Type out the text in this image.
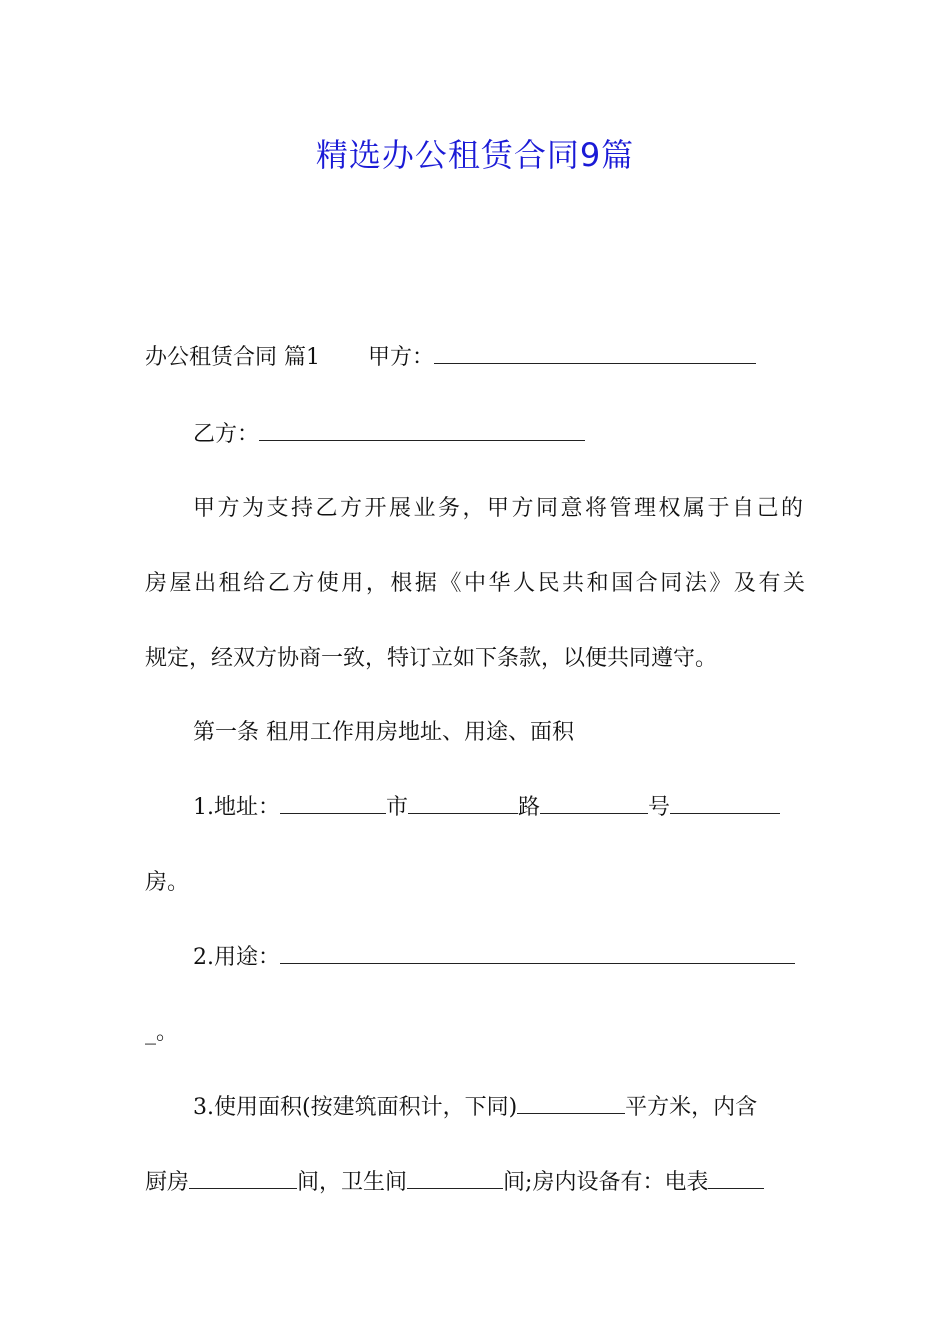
精选办公租赁合同9篇
办公租赁合同 篇1 甲方：
乙方：
甲方为支持乙方开展业务，甲方同意将管理权属于自己的
房屋出租给乙方使用，根据《中华人民共和国合同法》及有关
规定，经双方协商一致，特订立如下条款，以便共同遵守。
第一条 租用工作用房地址、用途、面积
1.地址：	市	路	号
房。
2.用途：
_。
3.使用面积(按建筑面积计，下同)	平方米，内含
厨房	间，卫生间	间;房内设备有：电表
